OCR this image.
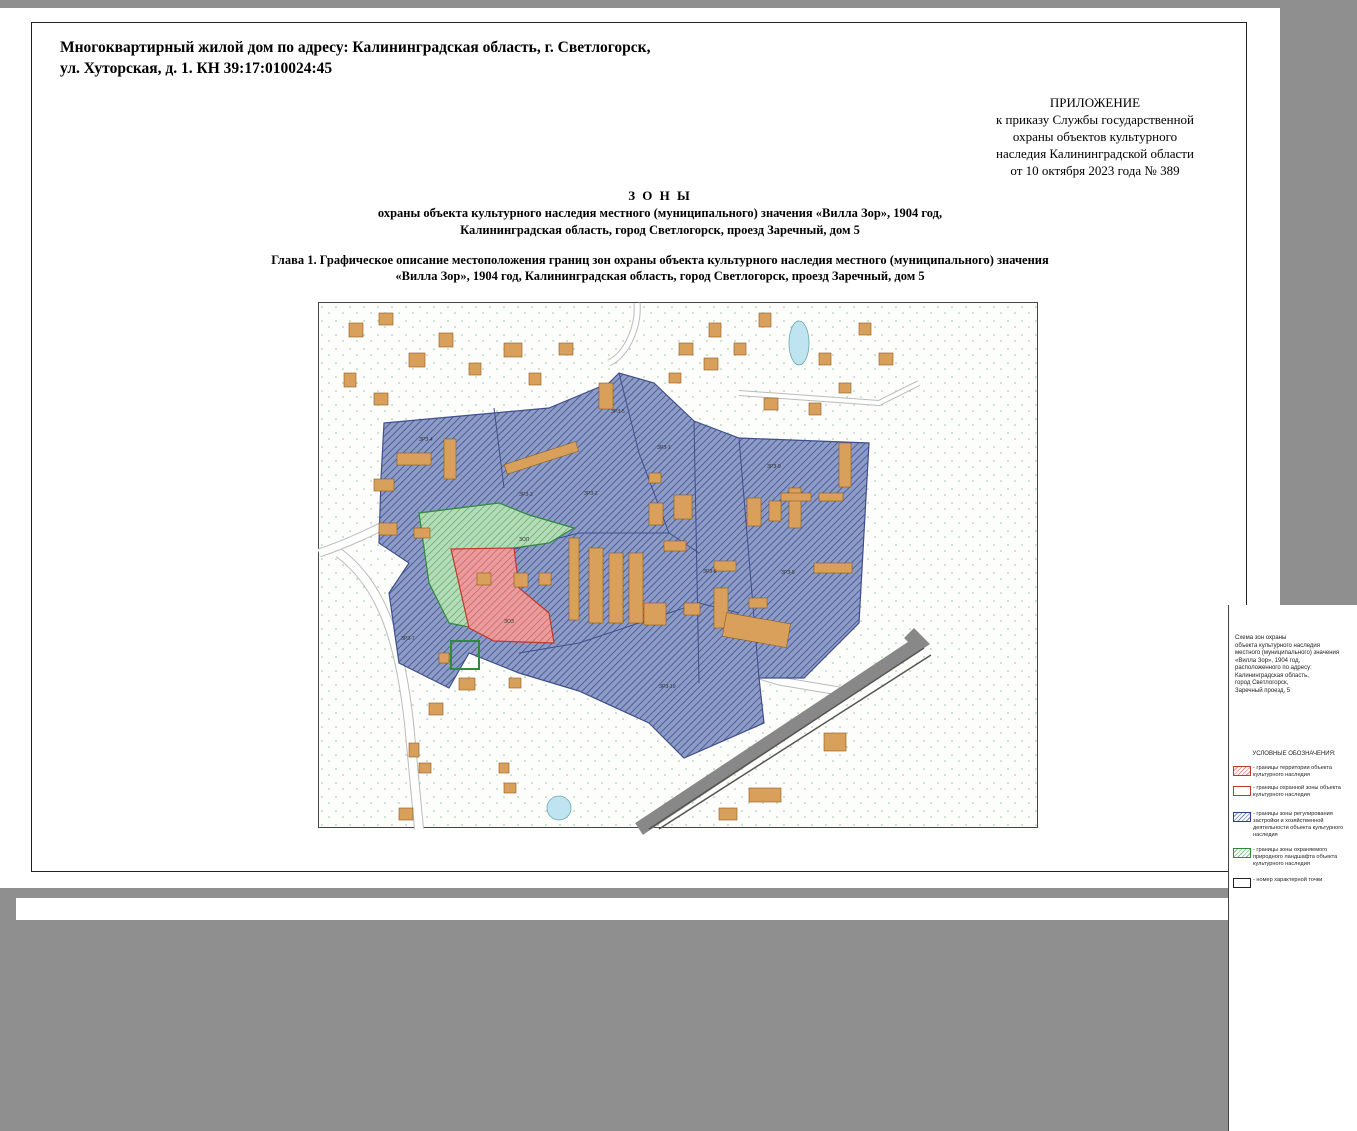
Многоквартирный жилой дом по адресу: Калининградская область, г. Светлогорск,
ул. Хуторская, д. 1. КН 39:17:010024:45
ПРИЛОЖЕНИЕ
к приказу Службы государственной
охраны объектов культурного
наследия Калининградской области
от 10 октября 2023 года № 389
З О Н Ы
охраны объекта культурного наследия местного (муниципального) значения «Вилла Зор», 1904 год,
Калининградская область, город Светлогорск, проезд Заречный, дом 5
Глава 1. Графическое описание местоположения границ зон охраны объекта культурного наследия местного (муниципального) значения
«Вилла Зор», 1904 год, Калининградская область, город Светлогорск, проезд Заречный, дом 5
ЗРЗ-4
ЗРЗ-5
ЗРЗ-3	ЗРЗ-2
ЗРЗ-1
ЗРЗ-9
ЗРЗ-6	ЗРЗ-8
ЗРЗ-10
ЗРЗ-7
ЗОЗ
ЗОЛ
Схема зон охраны
объекта культурного наследия
местного (муниципального) значения
«Вилла Зор», 1904 год,
расположенного по адресу:
Калининградская область,
город Светлогорск,
Заречный проезд, 5
УСЛОВНЫЕ ОБОЗНАЧЕНИЯ:
- границы территории объекта культурного наследия
- границы охранной зоны объекта культурного наследия
- границы зоны регулирования застройки и хозяйственной деятельности объекта культурного наследия
- границы зоны охраняемого природного ландшафта объекта культурного наследия
- номер характерной точки
